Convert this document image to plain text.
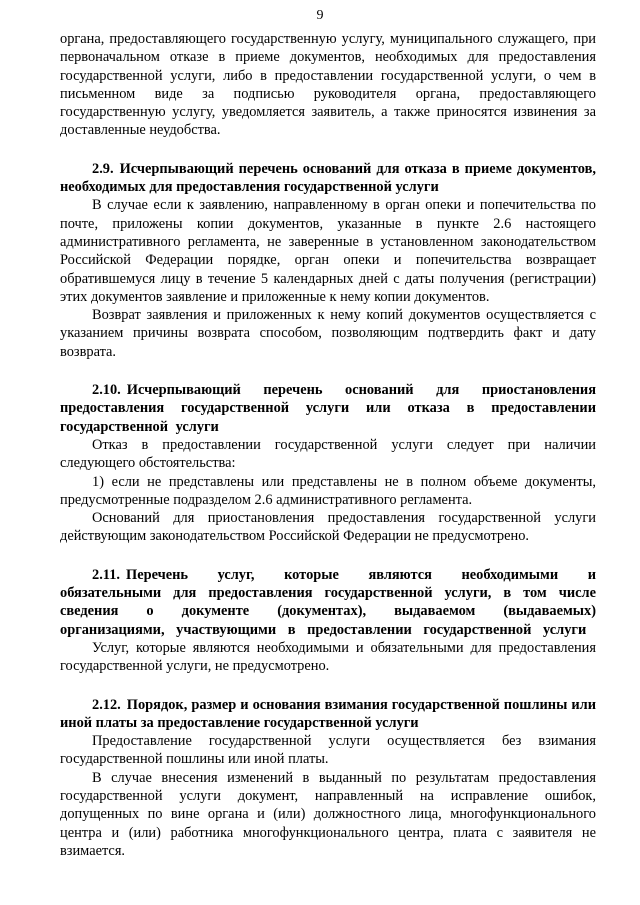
9

органа, предоставляющего государственную услугу, муниципального служащего, при первоначальном отказе в приеме документов, необходимых для предоставления государственной услуги, либо в предоставлении государственной услуги, о чем в письменном виде за подписью руководителя органа, предоставляющего государственную услугу, уведомляется заявитель, а также приносятся извинения за доставленные неудобства.

2.9. Исчерпывающий перечень оснований для отказа в приеме документов, необходимых для предоставления государственной услуги

В случае если к заявлению, направленному в орган опеки и попечительства по почте, приложены копии документов, указанные в пункте 2.6 настоящего административного регламента, не заверенные в установленном законодательством Российской Федерации порядке, орган опеки и попечительства возвращает обратившемуся лицу в течение 5 календарных дней с даты получения (регистрации) этих документов заявление и приложенные к нему копии документов.

Возврат заявления и приложенных к нему копий документов осуществляется с указанием причины возврата способом, позволяющим подтвердить факт и дату возврата.

2.10. Исчерпывающий перечень оснований для приостановления предоставления государственной услуги или отказа в предоставлении государственной услуги

Отказ в предоставлении государственной услуги следует при наличии следующего обстоятельства:

1) если не представлены или представлены не в полном объеме документы, предусмотренные подразделом 2.6 административного регламента.

Оснований для приостановления предоставления государственной услуги действующим законодательством Российской Федерации не предусмотрено.

2.11. Перечень услуг, которые являются необходимыми и обязательными для предоставления государственной услуги, в том числе сведения о документе (документах), выдаваемом (выдаваемых) организациями, участвующими в предоставлении государственной услуги

Услуг, которые являются необходимыми и обязательными для предоставления государственной услуги, не предусмотрено.

2.12. Порядок, размер и основания взимания государственной пошлины или иной платы за предоставление государственной услуги

Предоставление государственной услуги осуществляется без взимания государственной пошлины или иной платы.

В случае внесения изменений в выданный по результатам предоставления государственной услуги документ, направленный на исправление ошибок, допущенных по вине органа и (или) должностного лица, многофункционального центра и (или) работника многофункционального центра, плата с заявителя не взимается.
